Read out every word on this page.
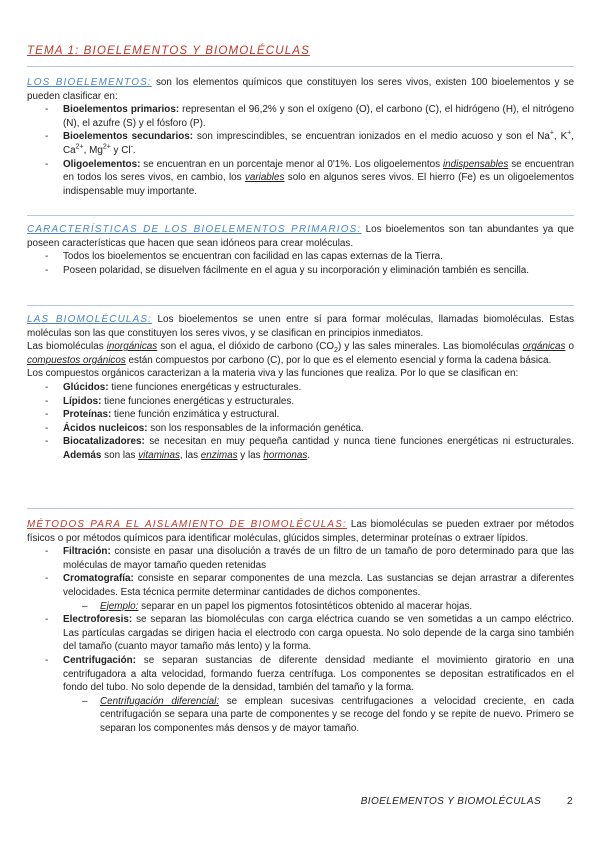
TEMA 1: BIOELEMENTOS Y BIOMOLÉCULAS

LOS BIOELEMENTOS: son los elementos químicos que constituyen los seres vivos, existen 100 bioelementos y se pueden clasificar en:

- Bioelementos primarios: representan el 96,2% y son el oxígeno (O), el carbono (C), el hidrógeno (H), el nitrógeno (N), el azufre (S) y el fósforo (P).
- Bioelementos secundarios: son imprescindibles, se encuentran ionizados en el medio acuoso y son el Na+, K+, $Ca^{2+}$, $Mg^{2+}$ y Cl-.
- Oligoelementos: se encuentran en un porcentaje menor al 0'1%. Los oligoelementos indispensables se encuentran en todos los seres vivos, en cambio, los variables solo en algunos seres vivos. El hierro (Fe) es un oligoelementos indispensable muy importante.

CARACTERÍSTICAS DE LOS BIOELEMENTOS PRIMARIOS: Los bioelementos son tan abundantes ya que poseen características que hacen que sean idóneos para crear moléculas.

- Todos los bioelementos se encuentran con facilidad en las capas externas de la Tierra.
- Poseen polaridad, se disuelven fácilmente en el agua y su incorporación y eliminación también es sencilla.

LAS BIOMOLÉCULAS: Los bioelementos se unen entre sí para formar moléculas, llamadas biomoléculas. Estas moléculas son las que constituyen los seres vivos, y se clasifican en principios inmediatos.

Las biomoléculas inorgánicas son el agua, el dióxido de carbono $(CO_2)$ y las sales minerales. Las biomoléculas orgánicas o compuestos orgánicos están compuestos por carbono (C), por lo que es el elemento esencial y forma la cadena básica.

Los compuestos orgánicos caracterizan a la materia viva y las funciones que realiza. Por lo que se clasifican en:

- Glúcidos: tiene funciones energéticas y estructurales.
- Lípidos: tiene funciones energéticas y estructurales.
- Proteínas: tiene función enzimática y estructural.
- Ácidos nucleicos: son los responsables de la información genética.
- Biocatalizadores: se necesitan en muy pequeña cantidad y nunca tiene funciones energéticas ni estructurales. Además son las vitaminas, las enzimas y las hormonas.

MÉTODOS PARA EL AISLAMIENTO DE BIOMOLÉCULAS: Las biomoléculas se pueden extraer por métodos físicos o por métodos químicos para identificar moléculas, glúcidos simples, determinar proteínas o extraer lípidos.

- Filtración: consiste en pasar una disolución a través de un filtro de un tamaño de poro determinado para que las moléculas de mayor tamaño queden retenidas
- Cromatografía: consiste en separar componentes de una mezcla. Las sustancias se dejan arrastrar a diferentes velocidades. Esta técnica permite determinar cantidades de dichos componentes.
– Ejemplo: separar en un papel los pigmentos fotosintéticos obtenido al macerar hojas.
- Electroforesis: se separan las biomoléculas con carga eléctrica cuando se ven sometidas a un campo eléctrico. Las partículas cargadas se dirigen hacia el electrodo con carga opuesta. No solo depende de la carga sino también del tamaño (cuanto mayor tamaño más lento) y la forma.
- Centrifugación: se separan sustancias de diferente densidad mediante el movimiento giratorio en una centrifugadora a alta velocidad, formando fuerza centrífuga. Los componentes se depositan estratificados en el fondo del tubo. No solo depende de la densidad, también del tamaño y la forma.
– Centrifugación diferencial: se emplean sucesivas centrifugaciones a velocidad creciente, en cada centrifugación se separa una parte de componentes y se recoge del fondo y se repite de nuevo. Primero se separan los componentes más densos y de mayor tamaño.
BIOELEMENTOS Y BIOMOLÉCULAS	2
